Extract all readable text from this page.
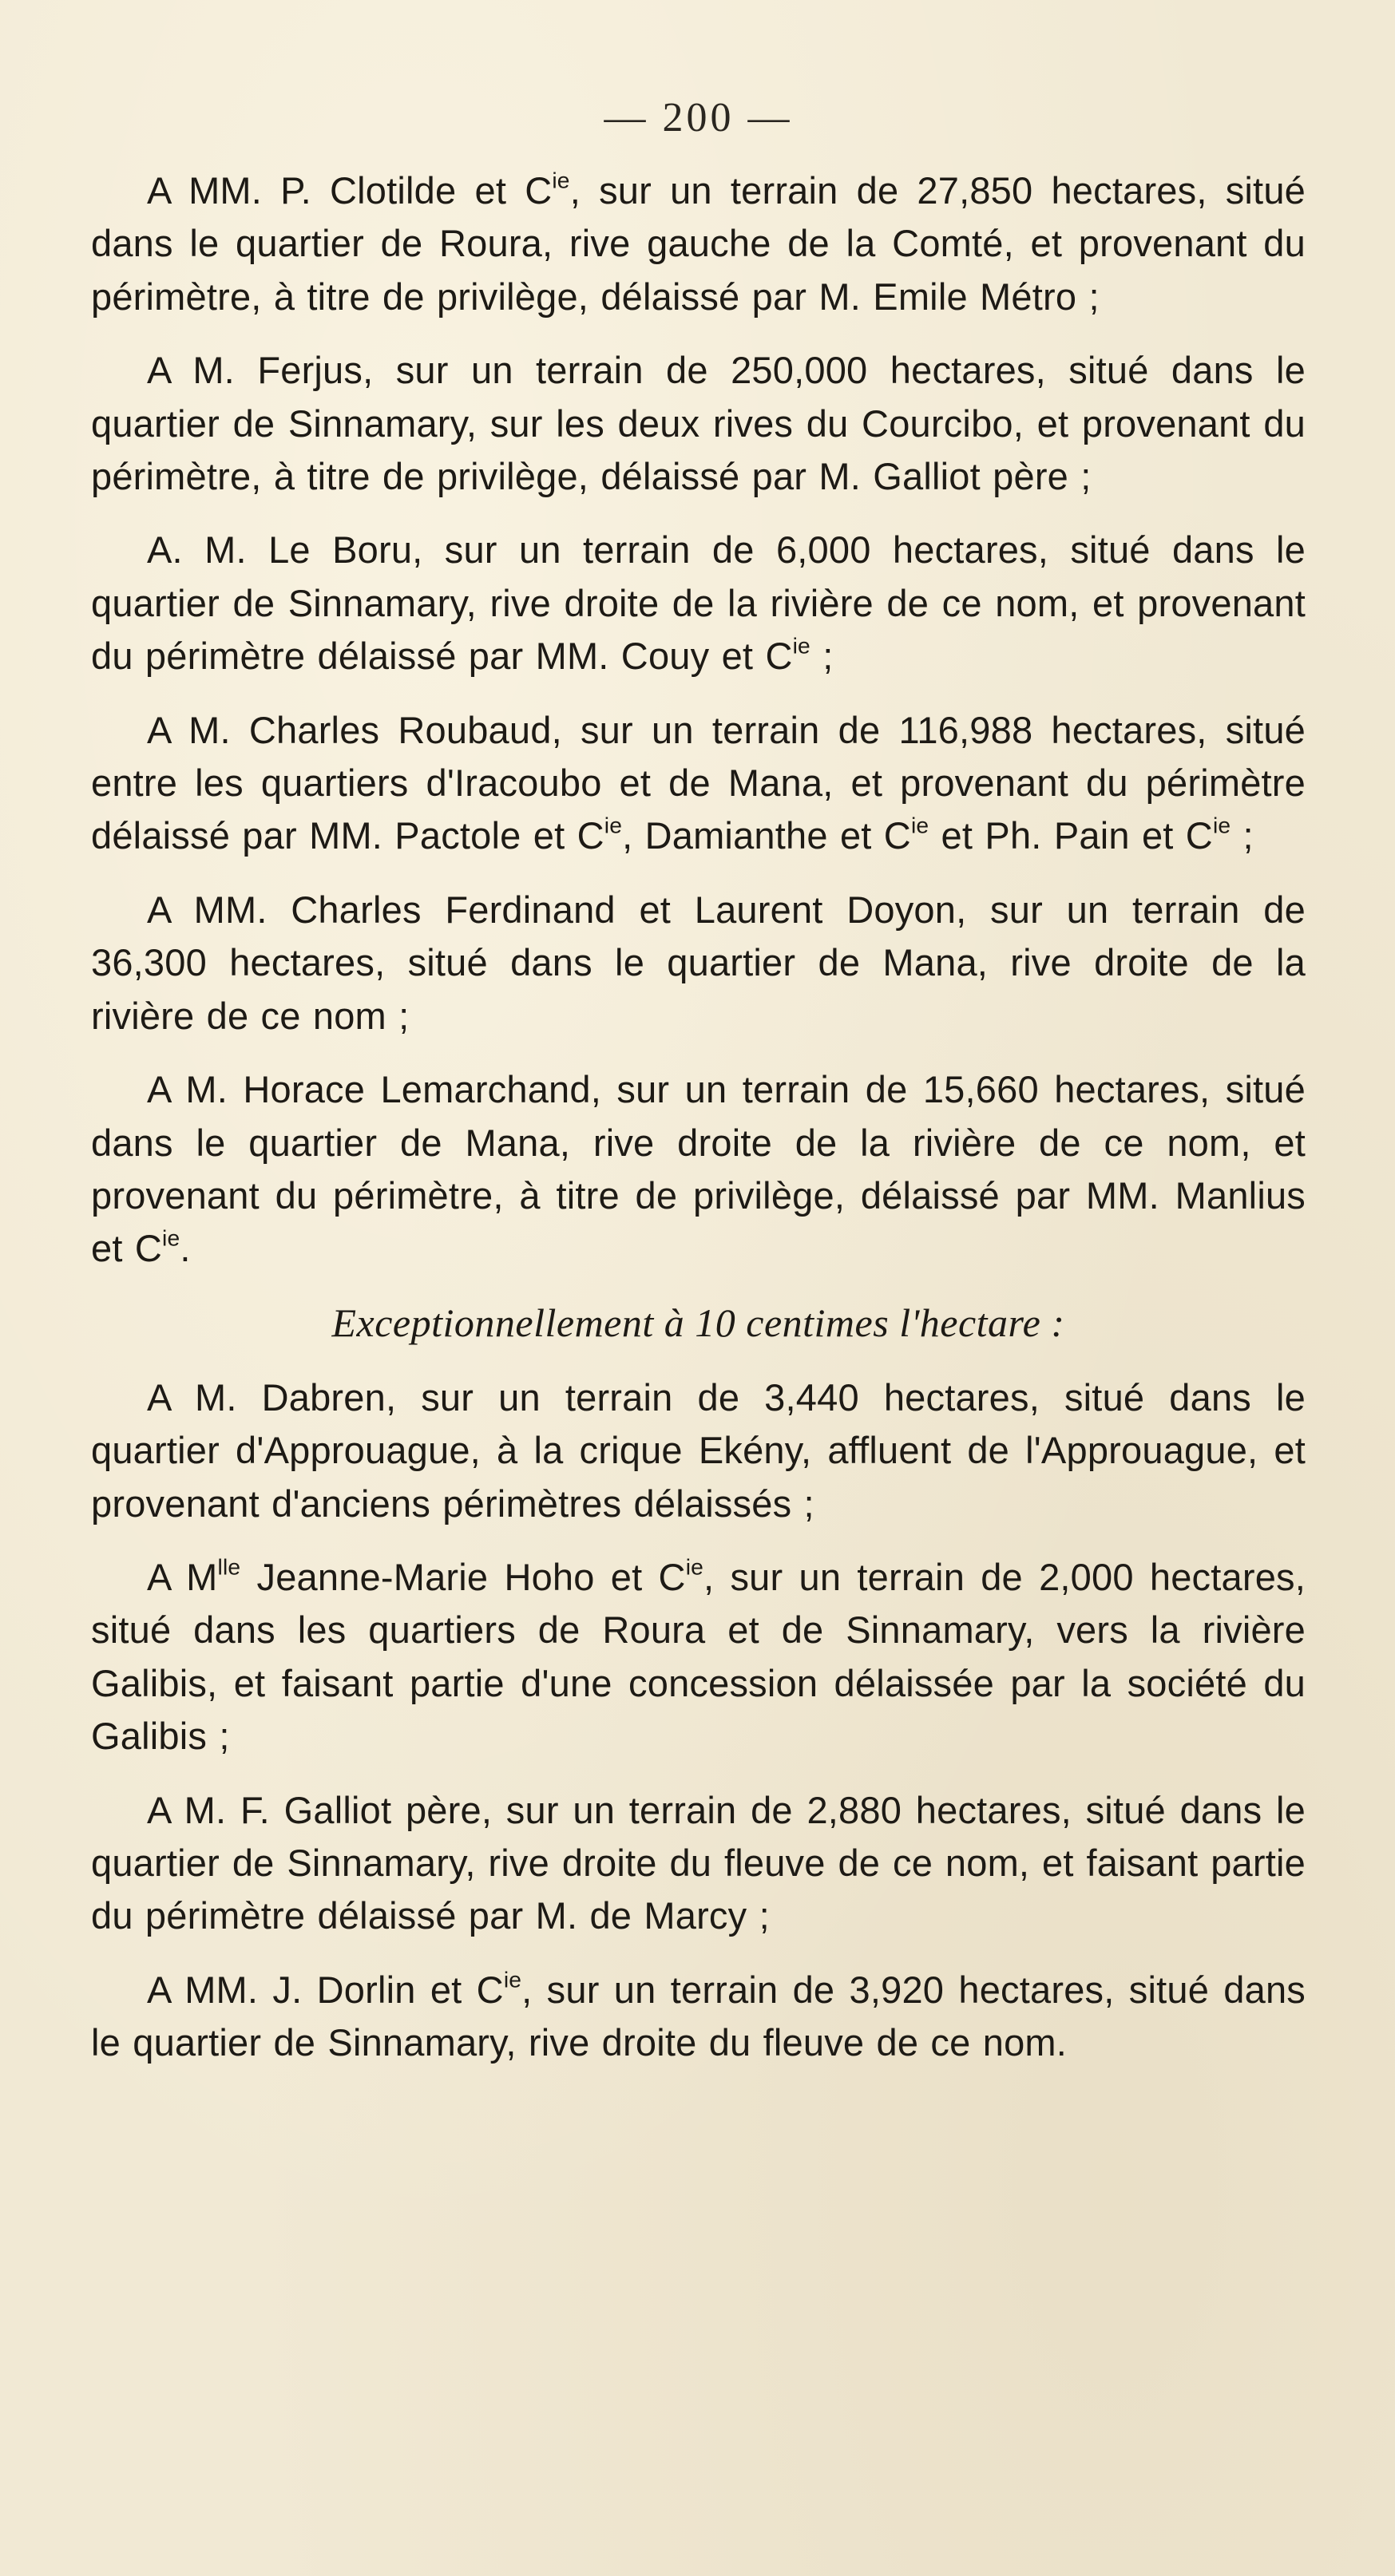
— 200 —

A MM. P. Clotilde et $C^{ie}$, sur un terrain de 27,850 hectares, situé dans le quartier de Roura, rive gauche de la Comté, et provenant du périmètre, à titre de privilège, délaissé par M. Emile Métro ;

A M. Ferjus, sur un terrain de 250,000 hectares, situé dans le quartier de Sinnamary, sur les deux rives du Courcibo, et provenant du périmètre, à titre de privilège, délaissé par M. Galliot père ;

A. M. Le Boru, sur un terrain de 6,000 hectares, situé dans le quartier de Sinnamary, rive droite de la rivière de ce nom, et provenant du périmètre délaissé par MM. Couy et $C^{ie}$ ;

A M. Charles Roubaud, sur un terrain de 116,988 hectares, situé entre les quartiers d'Iracoubo et de Mana, et provenant du périmètre délaissé par MM. Pactole et $C^{ie}$, Damianthe et $C^{ie}$ et Ph. Pain et $C^{ie}$ ;

A MM. Charles Ferdinand et Laurent Doyon, sur un terrain de 36,300 hectares, situé dans le quartier de Mana, rive droite de la rivière de ce nom ;

A M. Horace Lemarchand, sur un terrain de 15,660 hectares, situé dans le quartier de Mana, rive droite de la rivière de ce nom, et provenant du périmètre, à titre de privilège, délaissé par MM. Manlius et $C^{ie}$.

Exceptionnellement à 10 centimes l'hectare :

A M. Dabren, sur un terrain de 3,440 hectares, situé dans le quartier d'Approuague, à la crique Ekény, affluent de l'Approuague, et provenant d'anciens périmètres délaissés ;

A $M^{lle}$ Jeanne-Marie Hoho et $C^{ie}$, sur un terrain de 2,000 hectares, situé dans les quartiers de Roura et de Sinnamary, vers la rivière Galibis, et faisant partie d'une concession délaissée par la société du Galibis ;

A M. F. Galliot père, sur un terrain de 2,880 hectares, situé dans le quartier de Sinnamary, rive droite du fleuve de ce nom, et faisant partie du périmètre délaissé par M. de Marcy ;

A MM. J. Dorlin et $C^{ie}$, sur un terrain de 3,920 hectares, situé dans le quartier de Sinnamary, rive droite du fleuve de ce nom.
